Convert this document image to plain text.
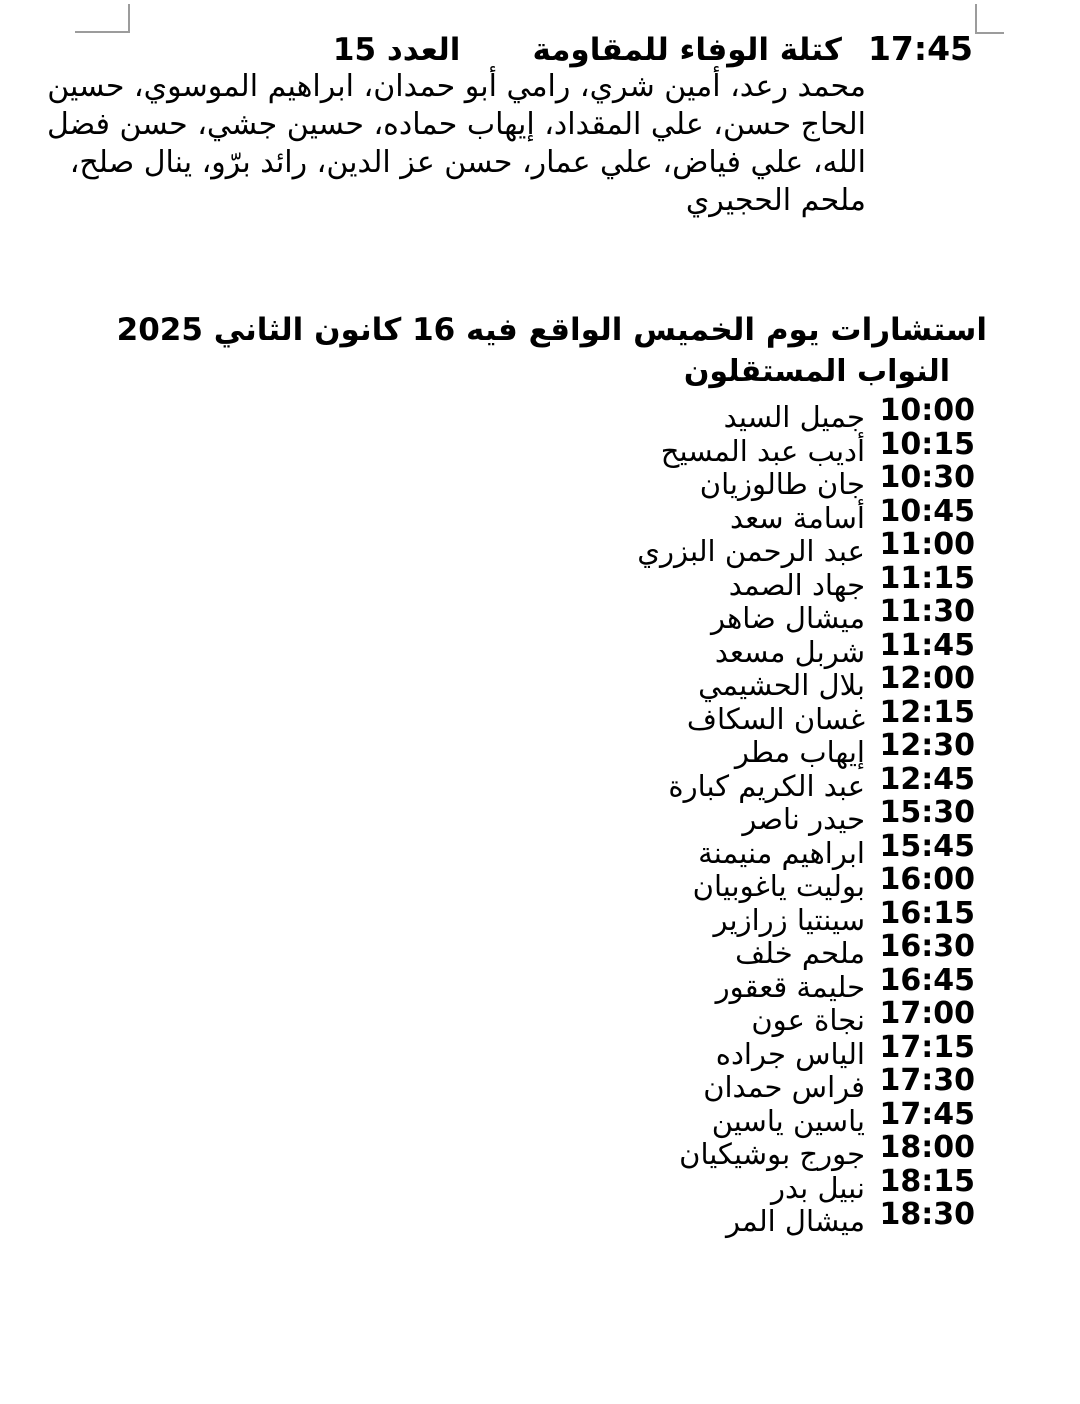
17:45
كتلة الوفاء للمقاومة
العدد 15
محمد رعد، أمين شري، رامي أبو حمدان، ابراهيم الموسوي، حسين
الحاج حسن، علي المقداد، إيهاب حماده، حسين جشي، حسن فضل
الله، علي فياض، علي عمار، حسن عز الدين، رائد برّو، ينال صلح،
ملحم الحجيري
استشارات يوم الخميس الواقع فيه 16 كانون الثاني 2025
النواب المستقلون
10:00
جميل السيد
10:15
أديب عبد المسيح
10:30
جان طالوزيان
10:45
أسامة سعد
11:00
عبد الرحمن البزري
11:15
جهاد الصمد
11:30
ميشال ضاهر
11:45
شربل مسعد
12:00
بلال الحشيمي
12:15
غسان السكاف
12:30
إيهاب مطر
12:45
عبد الكريم كبارة
15:30
حيدر ناصر
15:45
ابراهيم منيمنة
16:00
بوليت ياغوبيان
16:15
سينتيا زرازير
16:30
ملحم خلف
16:45
حليمة قعقور
17:00
نجاة عون
17:15
الياس جراده
17:30
فراس حمدان
17:45
ياسين ياسين
18:00
جورج بوشيكيان
18:15
نبيل بدر
18:30
ميشال المر
